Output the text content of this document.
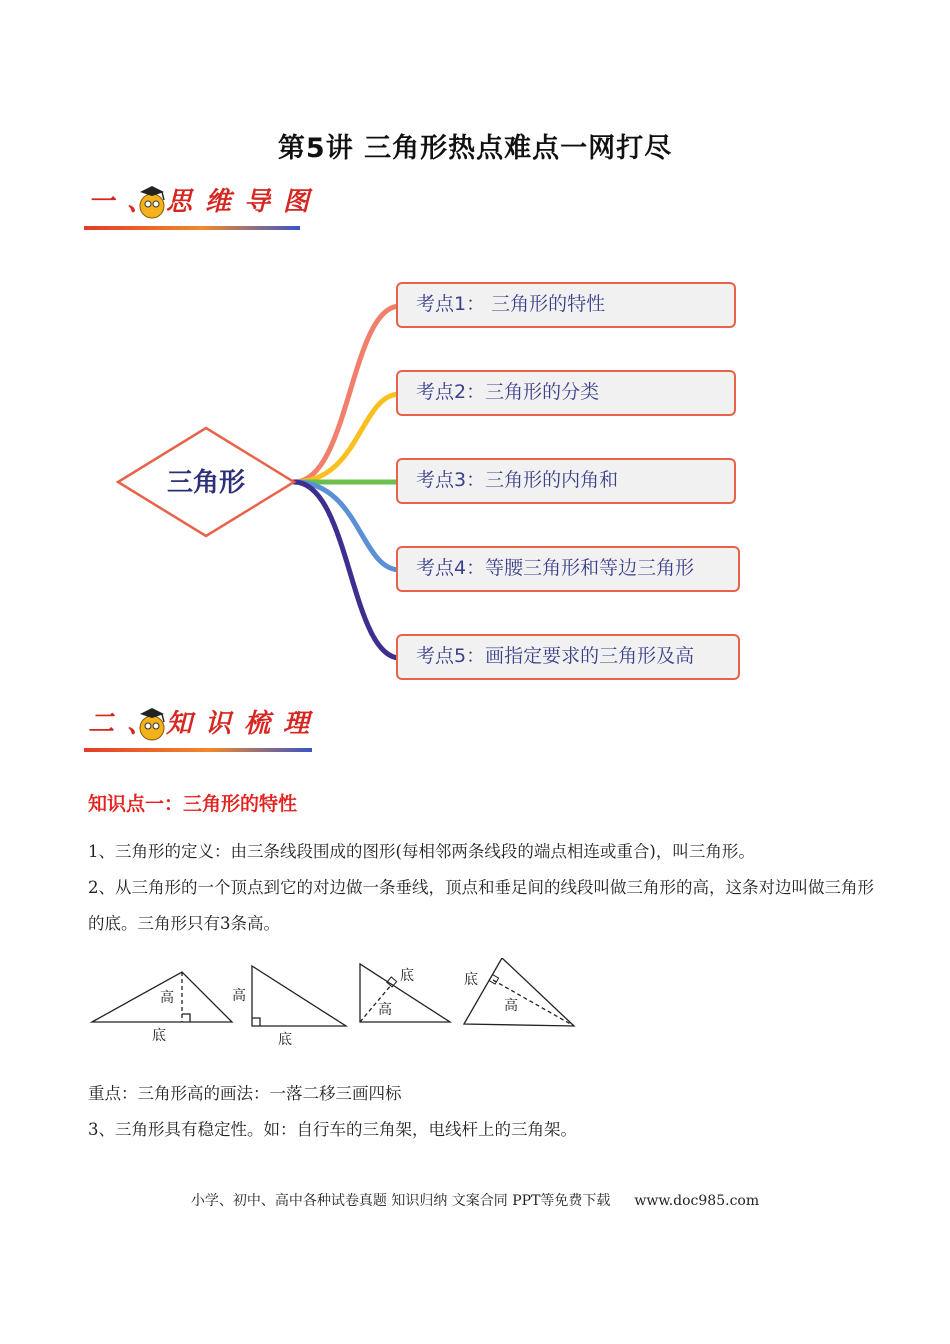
第5讲 三角形热点难点一网打尽
一、思维导图
三角形
考点1： 三角形的特性
考点2：三角形的分类
考点3：三角形的内角和
考点4：等腰三角形和等边三角形
考点5：画指定要求的三角形及高
二、知识梳理
知识点一：三角形的特性
1、三角形的定义：由三条线段围成的图形(每相邻两条线段的端点相连或重合)，叫三角形。
2、从三角形的一个顶点到它的对边做一条垂线，顶点和垂足间的线段叫做三角形的高，这条对边叫做三角形的底。三角形只有3条高。
高
底
高
底
底
高
底
高
重点：三角形高的画法：一落二移三画四标
3、三角形具有稳定性。如：自行车的三角架，电线杆上的三角架。
小学、初中、高中各种试卷真题 知识归纳 文案合同 PPT等免费下载 www.doc985.com
